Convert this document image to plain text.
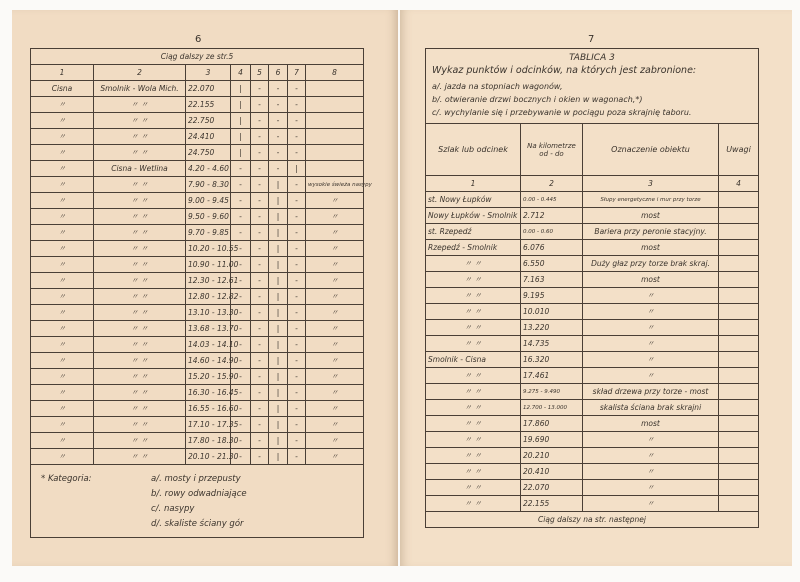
6
Ciąg dalszy ze str.5							
1	2	3	4	5	6	7	8
Cisna	Smolnik - Wola Mich.	22.070	|	-	-	-	
〃	〃 〃	22.155	|	-	-	-	
〃	〃 〃	22.750	|	-	-	-	
〃	〃 〃	24.410	|	-	-	-	
〃	〃 〃	24.750	|	-	-	-	
〃	Cisna - Wetlina	4.20 - 4.60	-	-	-	|	
〃	〃 〃	7.90 - 8.30	-	-	|	-	wysokie świeża nasypy
〃	〃 〃	9.00 - 9.45	-	-	|	-	〃
〃	〃 〃	9.50 - 9.60	-	-	|	-	〃
〃	〃 〃	9.70 - 9.85	-	-	|	-	〃
〃	〃 〃	10.20 - 10.55	-	-	|	-	〃
〃	〃 〃	10.90 - 11.00	-	-	|	-	〃
〃	〃 〃	12.30 - 12.61	-	-	|	-	〃
〃	〃 〃	12.80 - 12.82	-	-	|	-	〃
〃	〃 〃	13.10 - 13.30	-	-	|	-	〃
〃	〃 〃	13.68 - 13.70	-	-	|	-	〃
〃	〃 〃	14.03 - 14.10	-	-	|	-	〃
〃	〃 〃	14.60 - 14.90	-	-	|	-	〃
〃	〃 〃	15.20 - 15.90	-	-	|	-	〃
〃	〃 〃	16.30 - 16.45	-	-	|	-	〃
〃	〃 〃	16.55 - 16.60	-	-	|	-	〃
〃	〃 〃	17.10 - 17.35	-	-	|	-	〃
〃	〃 〃	17.80 - 18.30	-	-	|	-	〃
〃	〃 〃	20.10 - 21.30	-	-	|	-	〃

* Kategoria: a/. mosty i przepusty
b/. rowy odwadniające
c/. nasypy
d/. skaliste ściany gór							
7
TABLICA 3
Wykaz punktów i odcinków, na których jest zabronione:
a/. jazda na stopniach wagonów,
b/. otwieranie drzwi bocznych i okien w wagonach,*)
c/. wychylanie się i przebywanie w pociągu poza skrajnię taboru.			

Szlak lub odcinek	Na kilometrze od - do	Oznaczenie obiektu	Uwagi
1	2	3	4
st. Nowy Łupków	0.00 - 0.445	Słupy energetyczne i mur przy torze	
Nowy Łupków - Smolnik	2.712	most	
st. Rzepedź	0.00 - 0.60	Bariera przy peronie stacyjny.	
Rzepedź - Smolnik	6.076	most	
〃 〃	6.550	Duży głaz przy torze brak skraj.	
〃 〃	7.163	most	
〃 〃	9.195	〃	
〃 〃	10.010	〃	
〃 〃	13.220	〃	
〃 〃	14.735	〃	
Smolnik - Cisna	16.320	〃	
〃 〃	17.461	〃	
〃 〃	9.275 - 9.490	skład drzewa przy torze - most	
〃 〃	12.700 - 13.000	skalista ściana brak skrajni	
〃 〃	17.860	most	
〃 〃	19.690	〃	
〃 〃	20.210	〃	
〃 〃	20.410	〃	
〃 〃	22.070	〃	
〃 〃	22.155	〃	
Ciąg dalszy na str. następnej			
